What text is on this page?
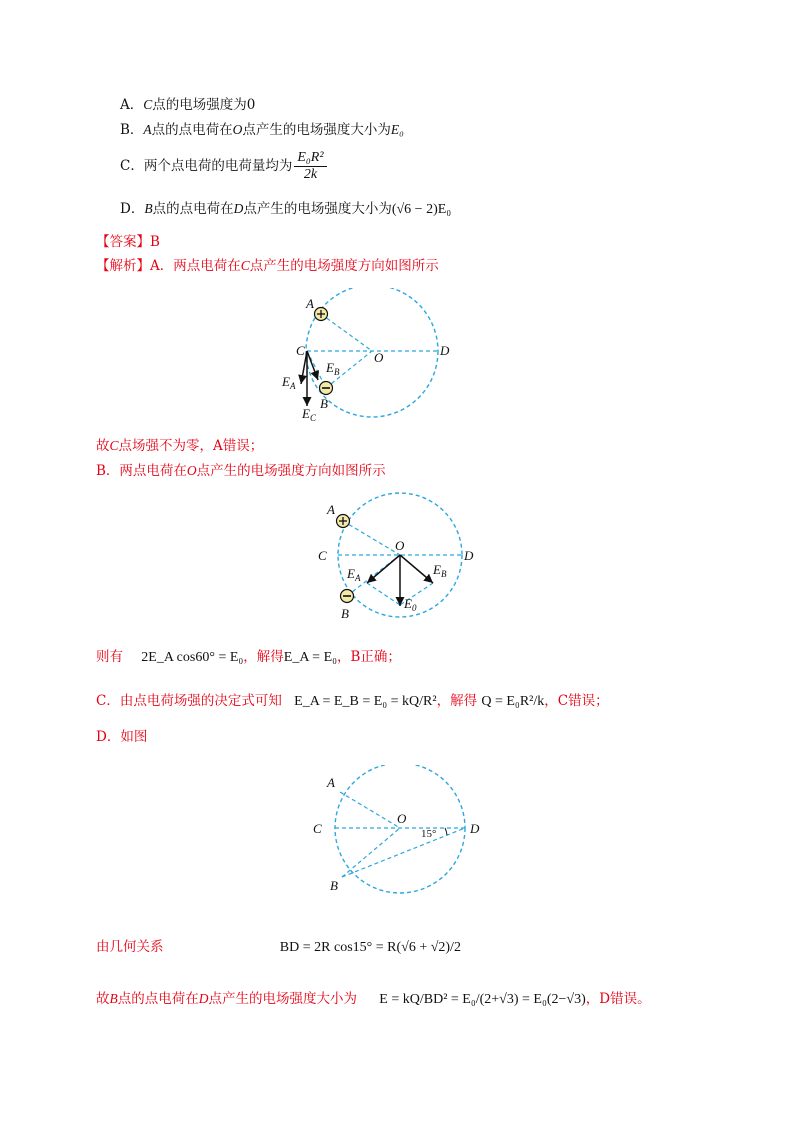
A．C点的电场强度为0
B．A点的点电荷在O点产生的电场强度大小为E₀
C．两个点电荷的电荷量均为 $\frac{\text{E₀R²}}{2k}$
D．B点的点电荷在D点产生的电场强度大小为(√6 − 2)E₀
【答案】B
【解析】A．两点电荷在C点产生的电场强度方向如图所示
A
C	O	D
B
$E_A$
$E_B$
$E_C$
故C点场强不为零，A错误；
B．两点电荷在O点产生的电场强度方向如图所示
A
C
O
D
B
$E_A$
$E_B$
$E_0$
则有 2E_A cos60° = E₀，解得E_A = E₀，B正确；
C．由点电荷场强的决定式可知 E_A = E_B = E₀ = kQ/R²，解得 Q = E₀R²/k，C错误；
D．如图
A
C
O
D
B
15°
由几何关系	BD = 2R cos15° = R(√6 + √2)/2
故B点的点电荷在D点产生的电场强度大小为 E = kQ/BD² = E₀/(2+√3) = E₀(2−√3)，D错误。
